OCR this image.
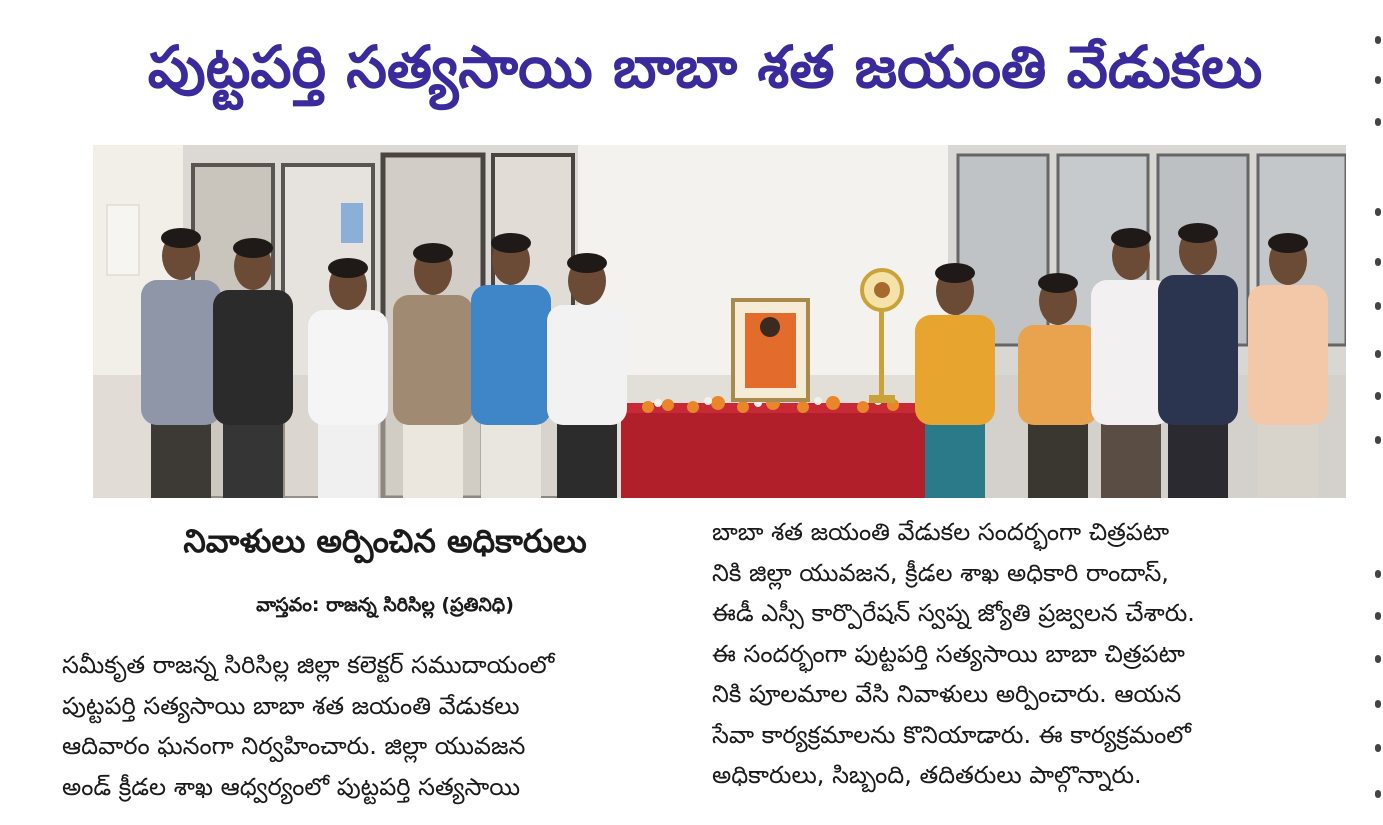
పుట్టపర్తి సత్యసాయి బాబా శత జయంతి వేడుకలు
నివాళులు అర్పించిన అధికారులు
వాస్తవం: రాజన్న సిరిసిల్ల (ప్రతినిధి)
సమీకృత రాజన్న సిరిసిల్ల జిల్లా కలెక్టర్ సముదాయంలో
పుట్టపర్తి సత్యసాయి బాబా శత జయంతి వేడుకలు
ఆదివారం ఘనంగా నిర్వహించారు. జిల్లా యువజన
అండ్ క్రీడల శాఖ ఆధ్వర్యంలో పుట్టపర్తి సత్యసాయి
బాబా శత జయంతి వేడుకల సందర్భంగా చిత్రపటా
నికి జిల్లా యువజన, క్రీడల శాఖ అధికారి రాందాస్,
ఈడీ ఎస్సీ కార్పొరేషన్ స్వప్న జ్యోతి ప్రజ్వలన చేశారు.
ఈ సందర్భంగా పుట్టపర్తి సత్యసాయి బాబా చిత్రపటా
నికి పూలమాల వేసి నివాళులు అర్పించారు. ఆయన
సేవా కార్యక్రమాలను కొనియాడారు. ఈ కార్యక్రమంలో
అధికారులు, సిబ్బంది, తదితరులు పాల్గొన్నారు.
